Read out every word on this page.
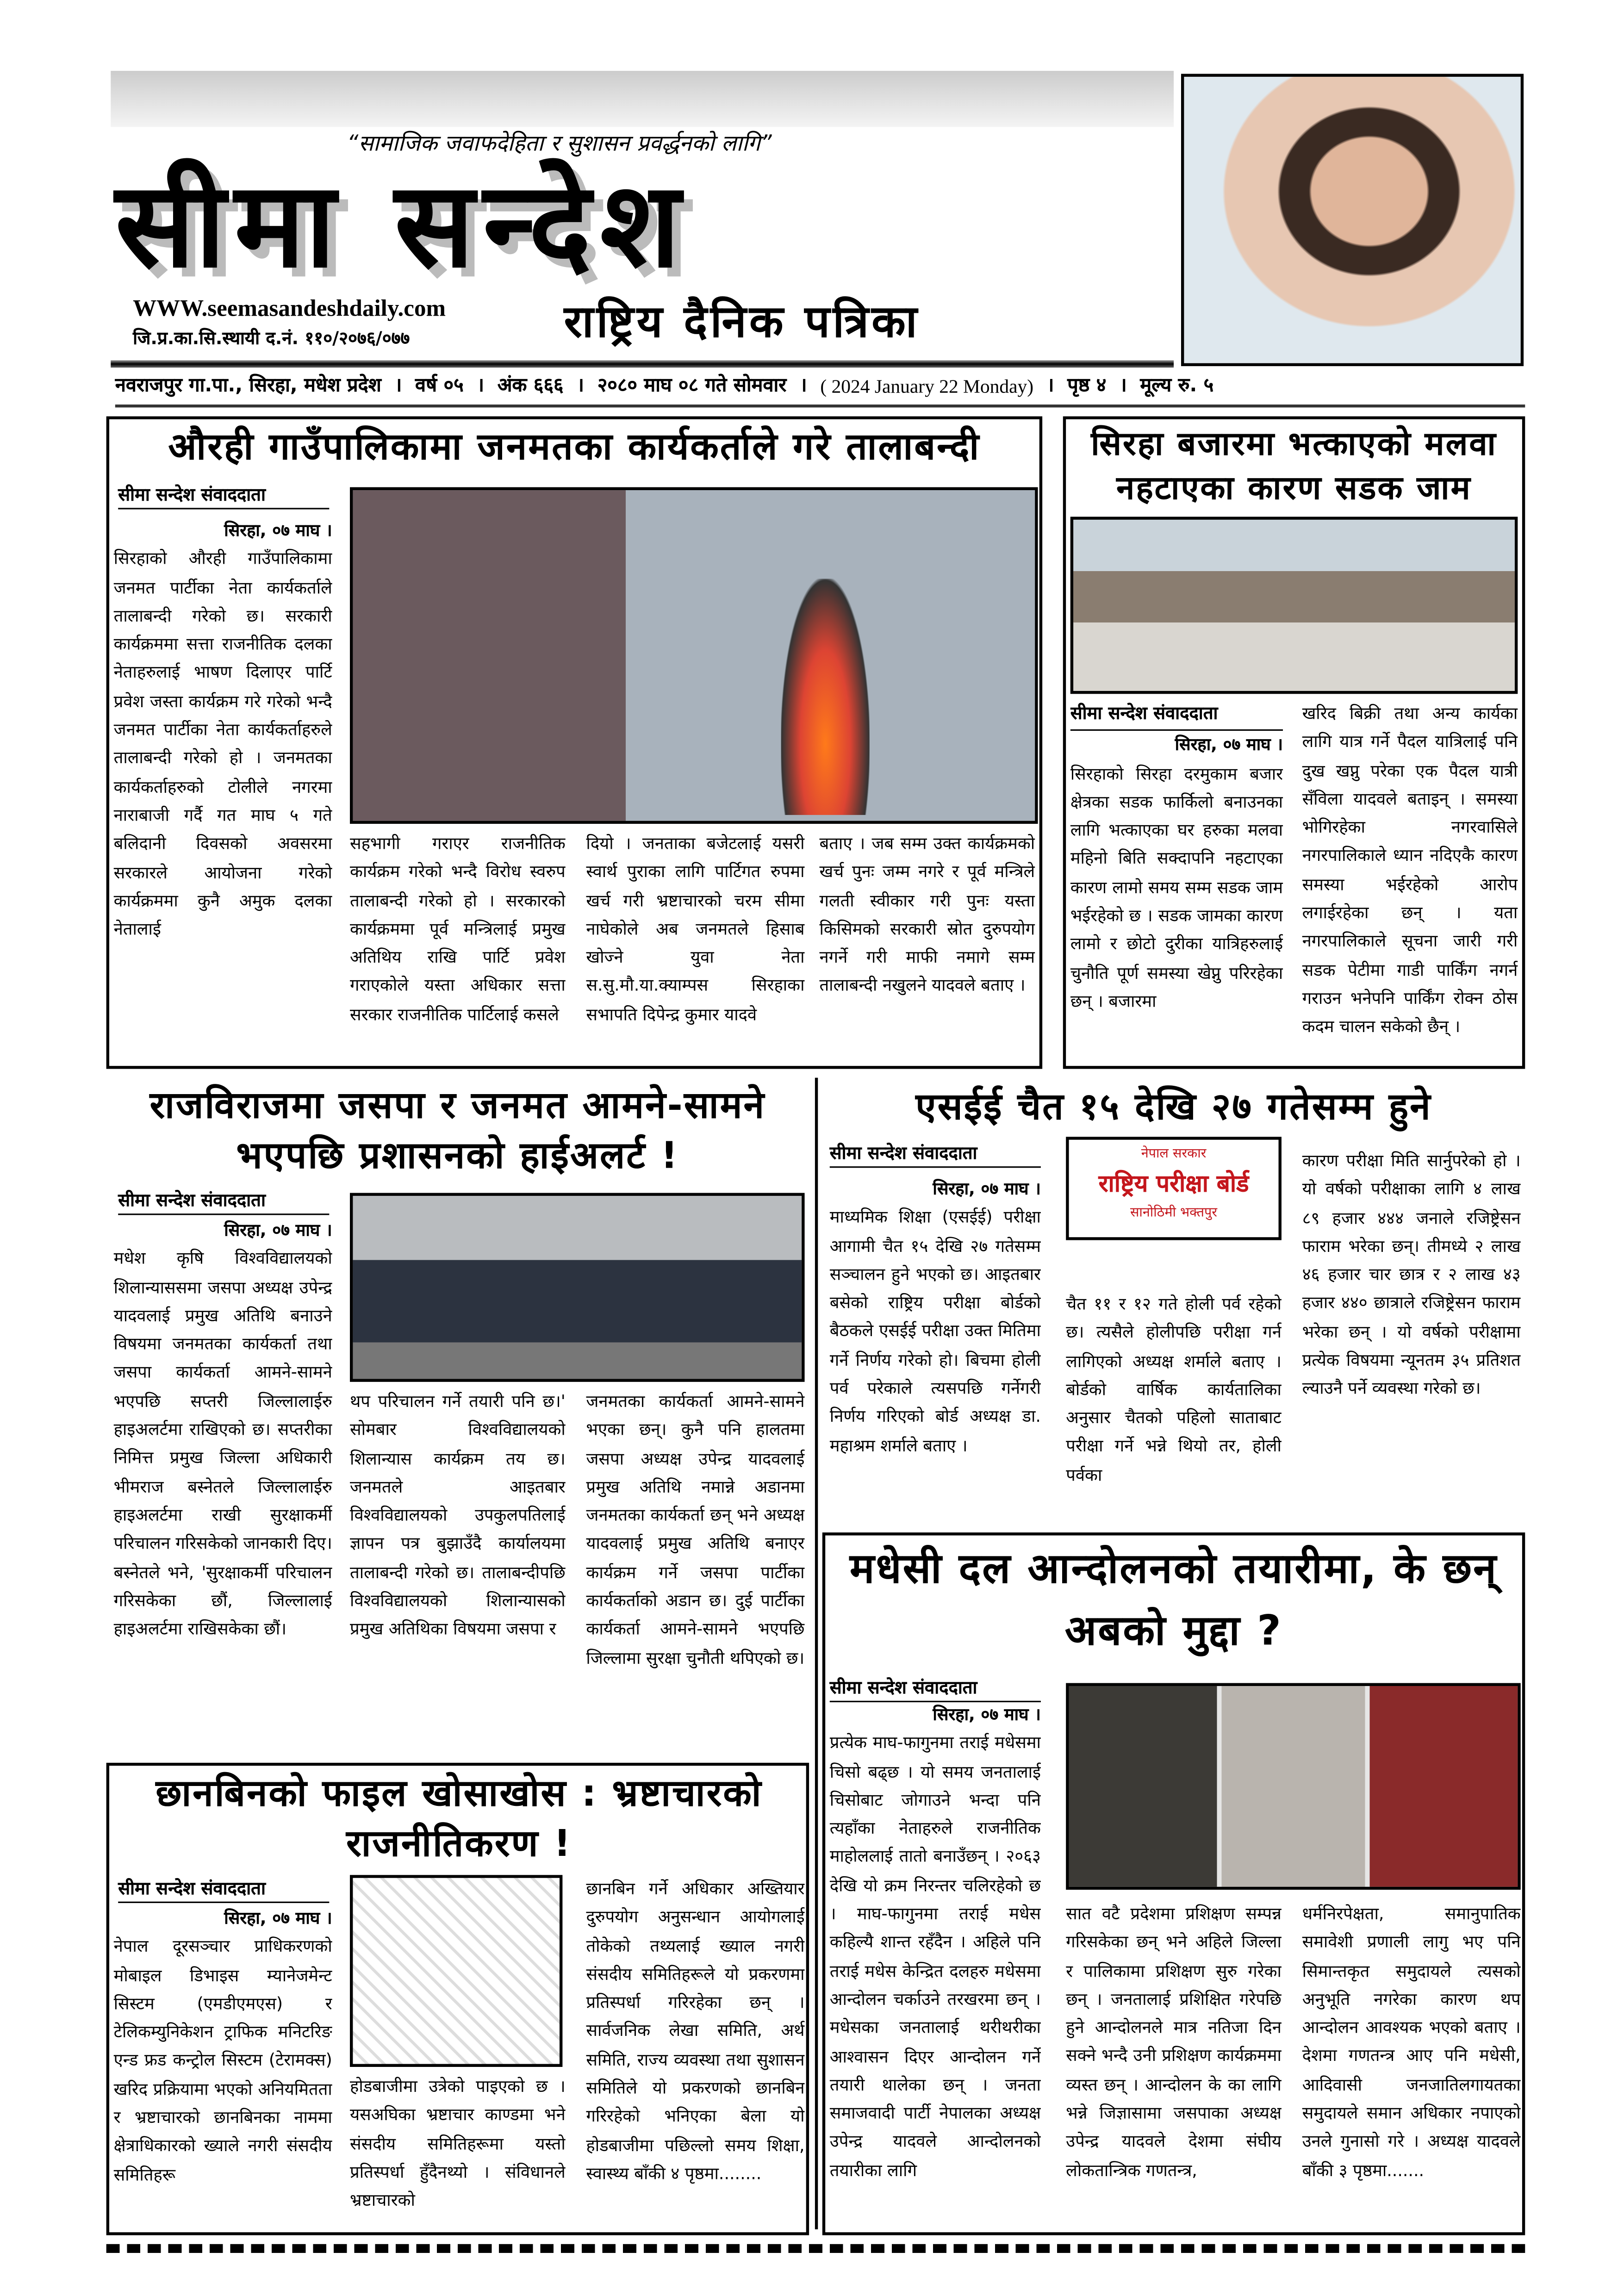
“सामाजिक जवाफदेहिता र सुशासन प्रवर्द्धनको लागि”
सीमा सन्देश
WWW.seemasandeshdaily.com
जि.प्र.का.सि.स्थायी द.नं. ११०/२०७६/०७७	राष्ट्रिय दैनिक पत्रिका
नवराजपुर गा.पा., सिरहा, मधेश प्रदेश । वर्ष ०५ । अंक ६६६ । २०८० माघ ०८ गते सोमवार । ( 2024 January 22 Monday) । पृष्ठ ४ । मूल्य रु. ५
औरही गाउँपालिकामा जनमतका कार्यकर्ताले गरे तालाबन्दी
सीमा सन्देश संवाददाता
सिरहा, ०७ माघ ।
सिरहाको औरही गाउँपालिकामा जनमत पार्टीका नेता कार्यकर्ताले तालाबन्दी गरेको छ। सरकारी कार्यक्रममा सत्ता राजनीतिक दलका नेताहरुलाई भाषण दिलाएर पार्टि प्रवेश जस्ता कार्यक्रम गरे गरेको भन्दै जनमत पार्टीका नेता कार्यकर्ताहरुले तालाबन्दी गरेको हो । जनमतका कार्यकर्ताहरुको टोलीले नगरमा नाराबाजी गर्दै गत माघ ५ गते बलिदानी दिवसको अवसरमा सरकारले आयोजना गरेको कार्यक्रममा कुनै अमुक दलका नेतालाई
सहभागी गराएर राजनीतिक कार्यक्रम गरेको भन्दै विरोध स्वरुप तालाबन्दी गरेको हो । सरकारको कार्यक्रममा पूर्व मन्त्रिलाई प्रमुख अतिथिय राखि पार्टि प्रवेश गराएकोले यस्ता अधिकार सत्ता सरकार राजनीतिक पार्टिलाई कसले
दियो । जनताका बजेटलाई यसरी स्वार्थ पुराका लागि पार्टिगत रुपमा खर्च गरी भ्रष्टाचारको चरम सीमा नाघेकोले अब जनमतले हिसाब खोज्ने युवा नेता स.सु.मौ.या.क्याम्पस सिरहाका सभापति दिपेन्द्र कुमार यादवे
बताए । जब सम्म उक्त कार्यक्रमको खर्च पुनः जम्म नगरे र पूर्व मन्त्रिले गलती स्वीकार गरी पुनः यस्ता किसिमको सरकारी स्रोत दुरुपयोग नगर्ने गरी माफी नमागे सम्म तालाबन्दी नखुलने यादवले बताए ।
सिरहा बजारमा भत्काएको मलवा नहटाएका कारण सडक जाम
सीमा सन्देश संवाददाता
सिरहा, ०७ माघ ।
सिरहाको सिरहा दरमुकाम बजार क्षेत्रका सडक फार्किलो बनाउनका लागि भत्काएका घर हरुका मलवा महिनो बिति सक्दापनि नहटाएका कारण लामो समय सम्म सडक जाम भईरहेको छ । सडक जामका कारण लामो र छोटो दुरीका यात्रिहरुलाई चुनौति पूर्ण समस्या खेप्नु परिरहेका छन् । बजारमा
खरिद बिक्री तथा अन्य कार्यका लागि यात्र गर्ने पैदल यात्रिलाई पनि दुख खप्नु परेका एक पैदल यात्री सँविला यादवले बताइन् । समस्या भोगिरहेका नगरवासिले नगरपालिकाले ध्यान नदिएकै कारण समस्या भईरहेको आरोप लगाईरहेका छन् । यता नगरपालिकाले सूचना जारी गरी सडक पेटीमा गाडी पार्किंग नगर्न गराउन भनेपनि पार्किंग रोक्न ठोस कदम चालन सकेको छैन् ।
राजविराजमा जसपा र जनमत आमने-सामने भएपछि प्रशासनको हाईअलर्ट !
सीमा सन्देश संवाददाता
सिरहा, ०७ माघ ।
मधेश कृषि विश्वविद्यालयको शिलान्याससमा जसपा अध्यक्ष उपेन्द्र यादवलाई प्रमुख अतिथि बनाउने विषयमा जनमतका कार्यकर्ता तथा जसपा कार्यकर्ता आमने-सामने भएपछि सप्तरी जिल्लालाईरु हाइअलर्टमा राखिएको छ। सप्तरीका निमित्त प्रमुख जिल्ला अधिकारी भीमराज बस्नेतले जिल्लालाईरु हाइअलर्टमा राखी सुरक्षाकर्मी परिचालन गरिसकेको जानकारी दिए। बस्नेतले भने, 'सुरक्षाकर्मी परिचालन गरिसकेका छौं, जिल्लालाई हाइअलर्टमा राखिसकेका छौं।
थप परिचालन गर्ने तयारी पनि छ।' सोमबार विश्वविद्यालयको शिलान्यास कार्यक्रम तय छ। जनमतले आइतबार विश्वविद्यालयको उपकुलपतिलाई ज्ञापन पत्र बुझाउँदै कार्यालयमा तालाबन्दी गरेको छ। तालाबन्दीपछि विश्वविद्यालयको शिलान्यासको प्रमुख अतिथिका विषयमा जसपा र
जनमतका कार्यकर्ता आमने-सामने भएका छन्। कुनै पनि हालतमा जसपा अध्यक्ष उपेन्द्र यादवलाई प्रमुख अतिथि नमान्ने अडानमा जनमतका कार्यकर्ता छन् भने अध्यक्ष यादवलाई प्रमुख अतिथि बनाएर कार्यक्रम गर्ने जसपा पार्टीका कार्यकर्ताको अडान छ। दुई पार्टीका कार्यकर्ता आमने-सामने भएपछि जिल्लामा सुरक्षा चुनौती थपिएको छ।
एसईई चैत १५ देखि २७ गतेसम्म हुने
सीमा सन्देश संवाददाता	नेपाल सरकार
राष्ट्रिय परीक्षा बोर्ड
सानोठिमी भक्तपुर
सिरहा, ०७ माघ ।
माध्यमिक शिक्षा (एसईई) परीक्षा आगामी चैत १५ देखि २७ गतेसम्म सञ्चालन हुने भएको छ। आइतबार बसेको राष्ट्रिय परीक्षा बोर्डको बैठकले एसईई परीक्षा उक्त मितिमा गर्ने निर्णय गरेको हो। बिचमा होली पर्व परेकाले त्यसपछि गर्नेगरी निर्णय गरिएको बोर्ड अध्यक्ष डा. महाश्रम शर्माले बताए ।
चैत ११ र १२ गते होली पर्व रहेको छ। त्यसैले होलीपछि परीक्षा गर्न लागिएको अध्यक्ष शर्माले बताए । बोर्डको वार्षिक कार्यतालिका अनुसार चैतको पहिलो साताबाट परीक्षा गर्ने भन्ने थियो तर, होली पर्वका
कारण परीक्षा मिति सार्नुपरेको हो । यो वर्षको परीक्षाका लागि ४ लाख ८९ हजार ४४४ जनाले रजिष्ट्रेसन फाराम भरेका छन्। तीमध्ये २ लाख ४६ हजार चार छात्र र २ लाख ४३ हजार ४४० छात्राले रजिष्ट्रेसन फाराम भरेका छन् । यो वर्षको परीक्षामा प्रत्येक विषयमा न्यूनतम ३५ प्रतिशत ल्याउनै पर्ने व्यवस्था गरेको छ।
मधेसी दल आन्दोलनको तयारीमा, के छन् अबको मुद्दा ?
सीमा सन्देश संवाददाता
सिरहा, ०७ माघ ।
प्रत्येक माघ-फागुनमा तराई मधेसमा चिसो बढ्छ । यो समय जनतालाई चिसोबाट जोगाउने भन्दा पनि त्यहाँका नेताहरुले राजनीतिक माहोललाई तातो बनाउँछन् । २०६३ देखि यो क्रम निरन्तर चलिरहेको छ । माघ-फागुनमा तराई मधेस कहिल्यै शान्त रहँदैन । अहिले पनि तराई मधेस केन्द्रित दलहरु मधेसमा आन्दोलन चर्काउने तरखरमा छन् । मधेसका जनतालाई थरीथरीका आश्वासन दिएर आन्दोलन गर्ने तयारी थालेका छन् । जनता समाजवादी पार्टी नेपालका अध्यक्ष उपेन्द्र यादवले आन्दोलनको तयारीका लागि
सात वटै प्रदेशमा प्रशिक्षण सम्पन्न गरिसकेका छन् भने अहिले जिल्ला र पालिकामा प्रशिक्षण सुरु गरेका छन् । जनतालाई प्रशिक्षित गरेपछि हुने आन्दोलनले मात्र नतिजा दिन सक्ने भन्दै उनी प्रशिक्षण कार्यक्रममा व्यस्त छन् । आन्दोलन के का लागि भन्ने जिज्ञासामा जसपाका अध्यक्ष उपेन्द्र यादवले देशमा संघीय लोकतान्त्रिक गणतन्त्र,
धर्मनिरपेक्षता, समानुपातिक समावेशी प्रणाली लागु भए पनि सिमान्तकृत समुदायले त्यसको अनुभूति नगरेका कारण थप आन्दोलन आवश्यक भएको बताए । देशमा गणतन्त्र आए पनि मधेसी, आदिवासी जनजातिलगायतका समुदायले समान अधिकार नपाएको उनले गुनासो गरे । अध्यक्ष यादवले बाँकी ३ पृष्ठमा.......
छानबिनको फाइल खोसाखोस : भ्रष्टाचारको राजनीतिकरण !
सीमा सन्देश संवाददाता
सिरहा, ०७ माघ ।
नेपाल दूरसञ्चार प्राधिकरणको मोबाइल डिभाइस म्यानेजमेन्ट सिस्टम (एमडीएमएस) र टेलिकम्युनिकेशन ट्राफिक मनिटरिङ एन्ड फ्रड कन्ट्रोल सिस्टम (टेरामक्स) खरिद प्रक्रियामा भएको अनियमितता र भ्रष्टाचारको छानबिनका नाममा क्षेत्राधिकारको ख्याले नगरी संसदीय समितिहरू
होडबाजीमा उत्रेको पाइएको छ । यसअघिका भ्रष्टाचार काण्डमा भने संसदीय समितिहरूमा यस्तो प्रतिस्पर्धा हुँदैनथ्यो । संविधानले भ्रष्टाचारको
छानबिन गर्ने अधिकार अख्तियार दुरुपयोग अनुसन्धान आयोगलाई तोकेको तथ्यलाई ख्याल नगरी संसदीय समितिहरूले यो प्रकरणमा प्रतिस्पर्धा गरिरहेका छन् । सार्वजनिक लेखा समिति, अर्थ समिति, राज्य व्यवस्था तथा सुशासन समितिले यो प्रकरणको छानबिन गरिरहेको भनिएका बेला यो होडबाजीमा पछिल्लो समय शिक्षा, स्वास्थ्य बाँकी ४ पृष्ठमा........
